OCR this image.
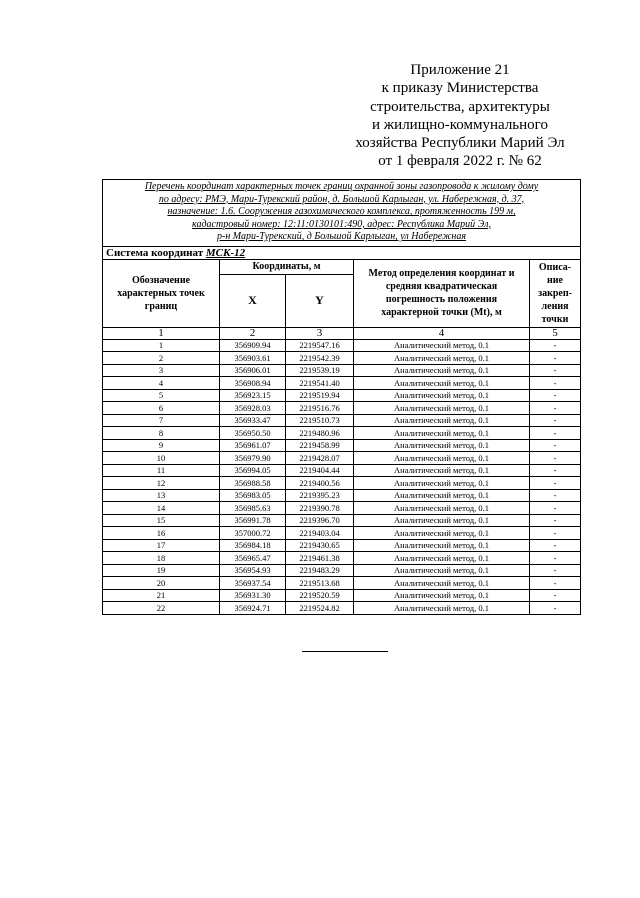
Приложение 21
к приказу Министерства
строительства, архитектуры
и жилищно-коммунального
хозяйства Республики Марий Эл
от 1 февраля 2022 г. № 62
Перечень координат характерных точек границ охранной зоны газопровода к жилому дому
по адресу: РМЭ, Мари-Турекский район, д. Большой Карлыган, ул. Набережная, д. 37,
назначение: 1.6. Сооружения газохимического комплекса, протяженность 199 м,
кадастровый номер: 12:11:0130101:490, адрес: Республика Марий Эл,
р-н Мари-Турекский, д Большой Карлыган, ул Набережная				

Система координат МСК-12				
Обозначение характерных точек границ	Координаты, м		Метод определения координат и средняя квадратическая погрешность положения характерной точки (Mt), м	Описа-ние закреп-ления точки
	X	Y		
1	2	3	4	5
1	356909.94	2219547.16	Аналитический метод, 0.1	-
2	356903.61	2219542.39	Аналитический метод, 0.1	-
3	356906.01	2219539.19	Аналитический метод, 0.1	-
4	356908.94	2219541.40	Аналитический метод, 0.1	-
5	356923.15	2219519.94	Аналитический метод, 0.1	-
6	356928.03	2219516.76	Аналитический метод, 0.1	-
7	356933.47	2219510.73	Аналитический метод, 0.1	-
8	356950.50	2219480.96	Аналитический метод, 0.1	-
9	356961.07	2219458.99	Аналитический метод, 0.1	-
10	356979.90	2219428.07	Аналитический метод, 0.1	-
11	356994.05	2219404.44	Аналитический метод, 0.1	-
12	356988.58	2219400.56	Аналитический метод, 0.1	-
13	356983.05	2219395.23	Аналитический метод, 0.1	-
14	356985.63	2219390.78	Аналитический метод, 0.1	-
15	356991.78	2219396.70	Аналитический метод, 0.1	-
16	357000.72	2219403.04	Аналитический метод, 0.1	-
17	356984.18	2219430.65	Аналитический метод, 0.1	-
18	356965.47	2219461.38	Аналитический метод, 0.1	-
19	356954.93	2219483.29	Аналитический метод, 0.1	-
20	356937.54	2219513.68	Аналитический метод, 0.1	-
21	356931.30	2219520.59	Аналитический метод, 0.1	-
22	356924.71	2219524.82	Аналитический метод, 0.1	-
